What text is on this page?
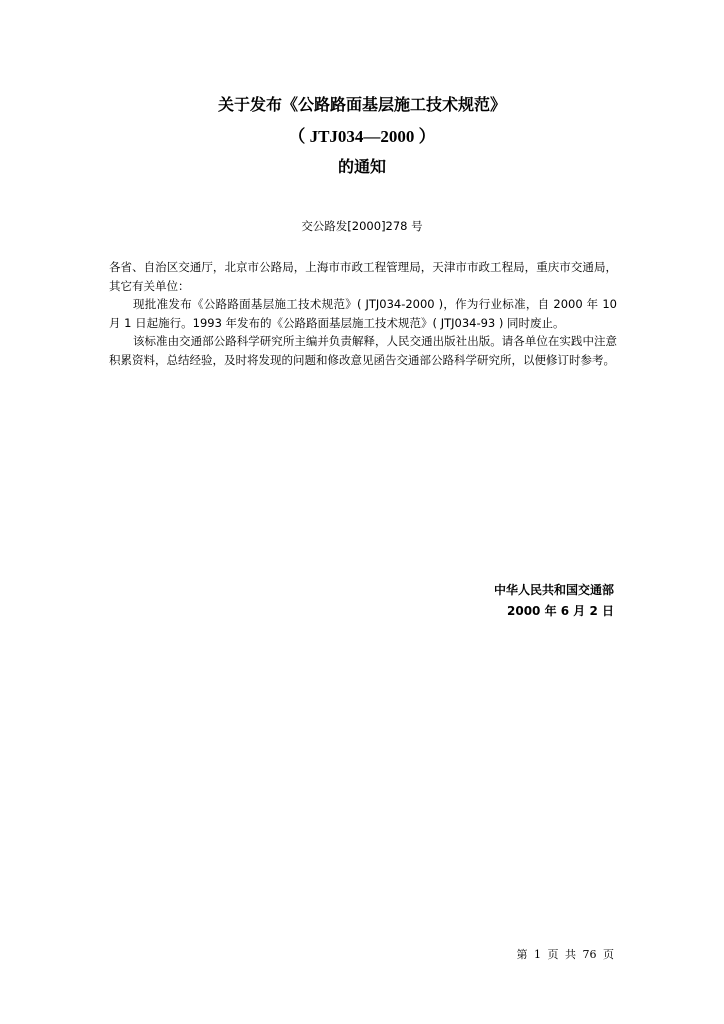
关于发布《公路路面基层施工技术规范》
（ JTJ034—2000 ）
的通知
交公路发[2000]278 号

各省、自治区交通厅，北京市公路局，上海市市政工程管理局，天津市市政工程局，重庆市交通局，其它有关单位：

现批准发布《公路路面基层施工技术规范》( JTJ034-2000 )，作为行业标准，自 2000 年 10 月 1 日起施行。1993 年发布的《公路路面基层施工技术规范》( JTJ034-93 ) 同时废止。

该标准由交通部公路科学研究所主编并负责解释，人民交通出版社出版。请各单位在实践中注意积累资料，总结经验，及时将发现的问题和修改意见函告交通部公路科学研究所，以便修订时参考。

中华人民共和国交通部
2000 年 6 月 2 日
第 1 页 共 76 页
